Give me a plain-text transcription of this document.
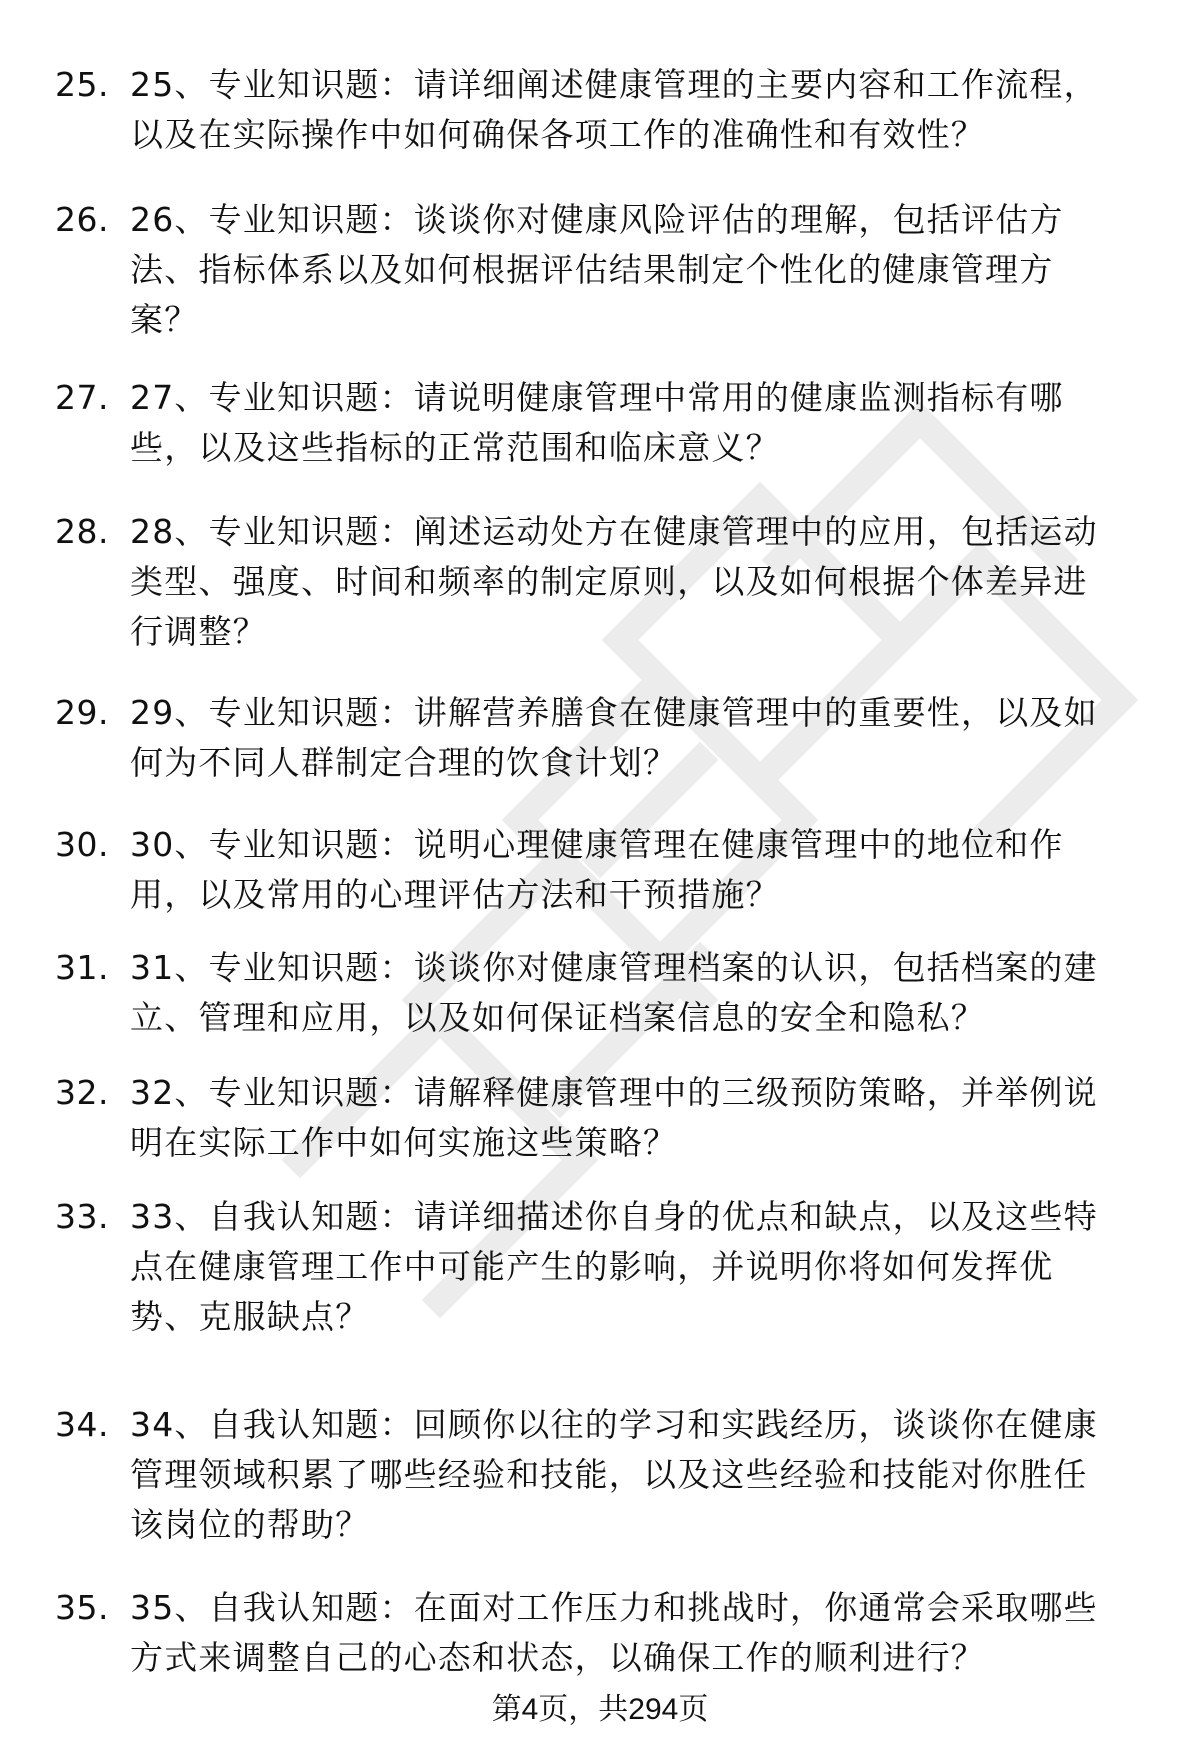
25. 25、专业知识题：请详细阐述健康管理的主要内容和工作流程，
以及在实际操作中如何确保各项工作的准确性和有效性？
26. 26、专业知识题：谈谈你对健康风险评估的理解，包括评估方
法、指标体系以及如何根据评估结果制定个性化的健康管理方
案？
27. 27、专业知识题：请说明健康管理中常用的健康监测指标有哪
些，以及这些指标的正常范围和临床意义？
28. 28、专业知识题：阐述运动处方在健康管理中的应用，包括运动
类型、强度、时间和频率的制定原则，以及如何根据个体差异进
行调整？
29. 29、专业知识题：讲解营养膳食在健康管理中的重要性，以及如
何为不同人群制定合理的饮食计划？
30. 30、专业知识题：说明心理健康管理在健康管理中的地位和作
用，以及常用的心理评估方法和干预措施？
31. 31、专业知识题：谈谈你对健康管理档案的认识，包括档案的建
立、管理和应用，以及如何保证档案信息的安全和隐私？
32. 32、专业知识题：请解释健康管理中的三级预防策略，并举例说
明在实际工作中如何实施这些策略？
33. 33、自我认知题：请详细描述你自身的优点和缺点，以及这些特
点在健康管理工作中可能产生的影响，并说明你将如何发挥优
势、克服缺点？
34. 34、自我认知题：回顾你以往的学习和实践经历，谈谈你在健康
管理领域积累了哪些经验和技能，以及这些经验和技能对你胜任
该岗位的帮助？
35. 35、自我认知题：在面对工作压力和挑战时，你通常会采取哪些
方式来调整自己的心态和状态，以确保工作的顺利进行？
第4页，共294页
